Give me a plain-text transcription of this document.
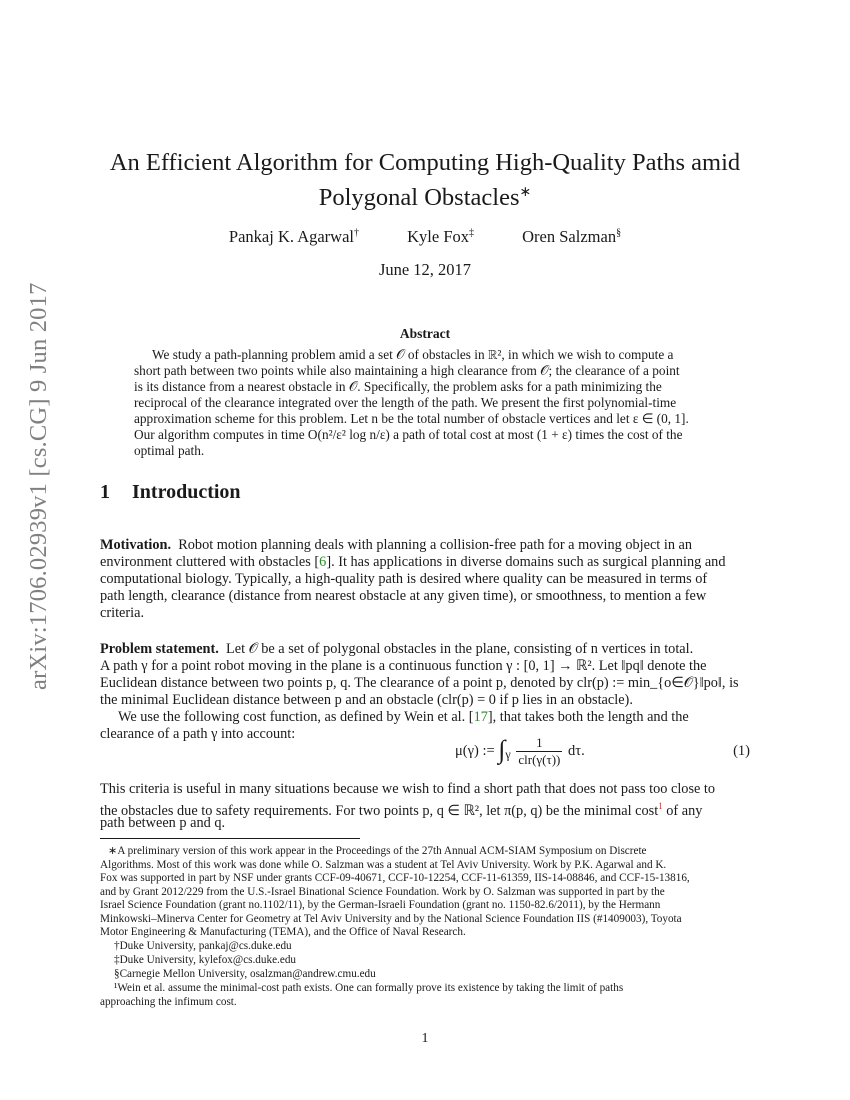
arXiv:1706.02939v1 [cs.CG] 9 Jun 2017
An Efficient Algorithm for Computing High-Quality Paths amid
Polygonal Obstacles∗
Pankaj K. Agarwal†	Kyle Fox‡	Oren Salzman§
June 12, 2017
Abstract
We study a path-planning problem amid a set 𝒪 of obstacles in ℝ², in which we wish to compute a
short path between two points while also maintaining a high clearance from 𝒪; the clearance of a point
is its distance from a nearest obstacle in 𝒪. Specifically, the problem asks for a path minimizing the
reciprocal of the clearance integrated over the length of the path. We present the first polynomial-time
approximation scheme for this problem. Let n be the total number of obstacle vertices and let ε ∈ (0, 1].
Our algorithm computes in time O(n²/ε² log n/ε) a path of total cost at most (1 + ε) times the cost of the
optimal path.
1 Introduction
Motivation. Robot motion planning deals with planning a collision-free path for a moving object in an
environment cluttered with obstacles [6]. It has applications in diverse domains such as surgical planning and
computational biology. Typically, a high-quality path is desired where quality can be measured in terms of
path length, clearance (distance from nearest obstacle at any given time), or smoothness, to mention a few
criteria.
Problem statement. Let 𝒪 be a set of polygonal obstacles in the plane, consisting of n vertices in total.
A path γ for a point robot moving in the plane is a continuous function γ : [0, 1] → ℝ². Let ‖pq‖ denote the
Euclidean distance between two points p, q. The clearance of a point p, denoted by clr(p) := min_{o∈𝒪}‖po‖, is
the minimal Euclidean distance between p and an obstacle (clr(p) = 0 if p lies in an obstacle).
We use the following cost function, as defined by Wein et al. [17], that takes both the length and the
clearance of a path γ into account:
μ(γ) := $\int_\gamma \frac{1}{\text{clr(γ(τ))}} d\tau$.	(1)
This criteria is useful in many situations because we wish to find a short path that does not pass too close to
the obstacles due to safety requirements. For two points p, q ∈ ℝ², let π(p, q) be the minimal cost$^1$ of any
path between p and q.
∗A preliminary version of this work appear in the Proceedings of the 27th Annual ACM-SIAM Symposium on Discrete
Algorithms. Most of this work was done while O. Salzman was a student at Tel Aviv University. Work by P.K. Agarwal and K.
Fox was supported in part by NSF under grants CCF-09-40671, CCF-10-12254, CCF-11-61359, IIS-14-08846, and CCF-15-13816,
and by Grant 2012/229 from the U.S.-Israel Binational Science Foundation. Work by O. Salzman was supported in part by the
Israel Science Foundation (grant no.1102/11), by the German-Israeli Foundation (grant no. 1150-82.6/2011), by the Hermann
Minkowski–Minerva Center for Geometry at Tel Aviv University and by the National Science Foundation IIS (#1409003), Toyota
Motor Engineering & Manufacturing (TEMA), and the Office of Naval Research.
†Duke University, pankaj@cs.duke.edu
‡Duke University, kylefox@cs.duke.edu
§Carnegie Mellon University, osalzman@andrew.cmu.edu
¹Wein et al. assume the minimal-cost path exists. One can formally prove its existence by taking the limit of paths
approaching the infimum cost.
1
